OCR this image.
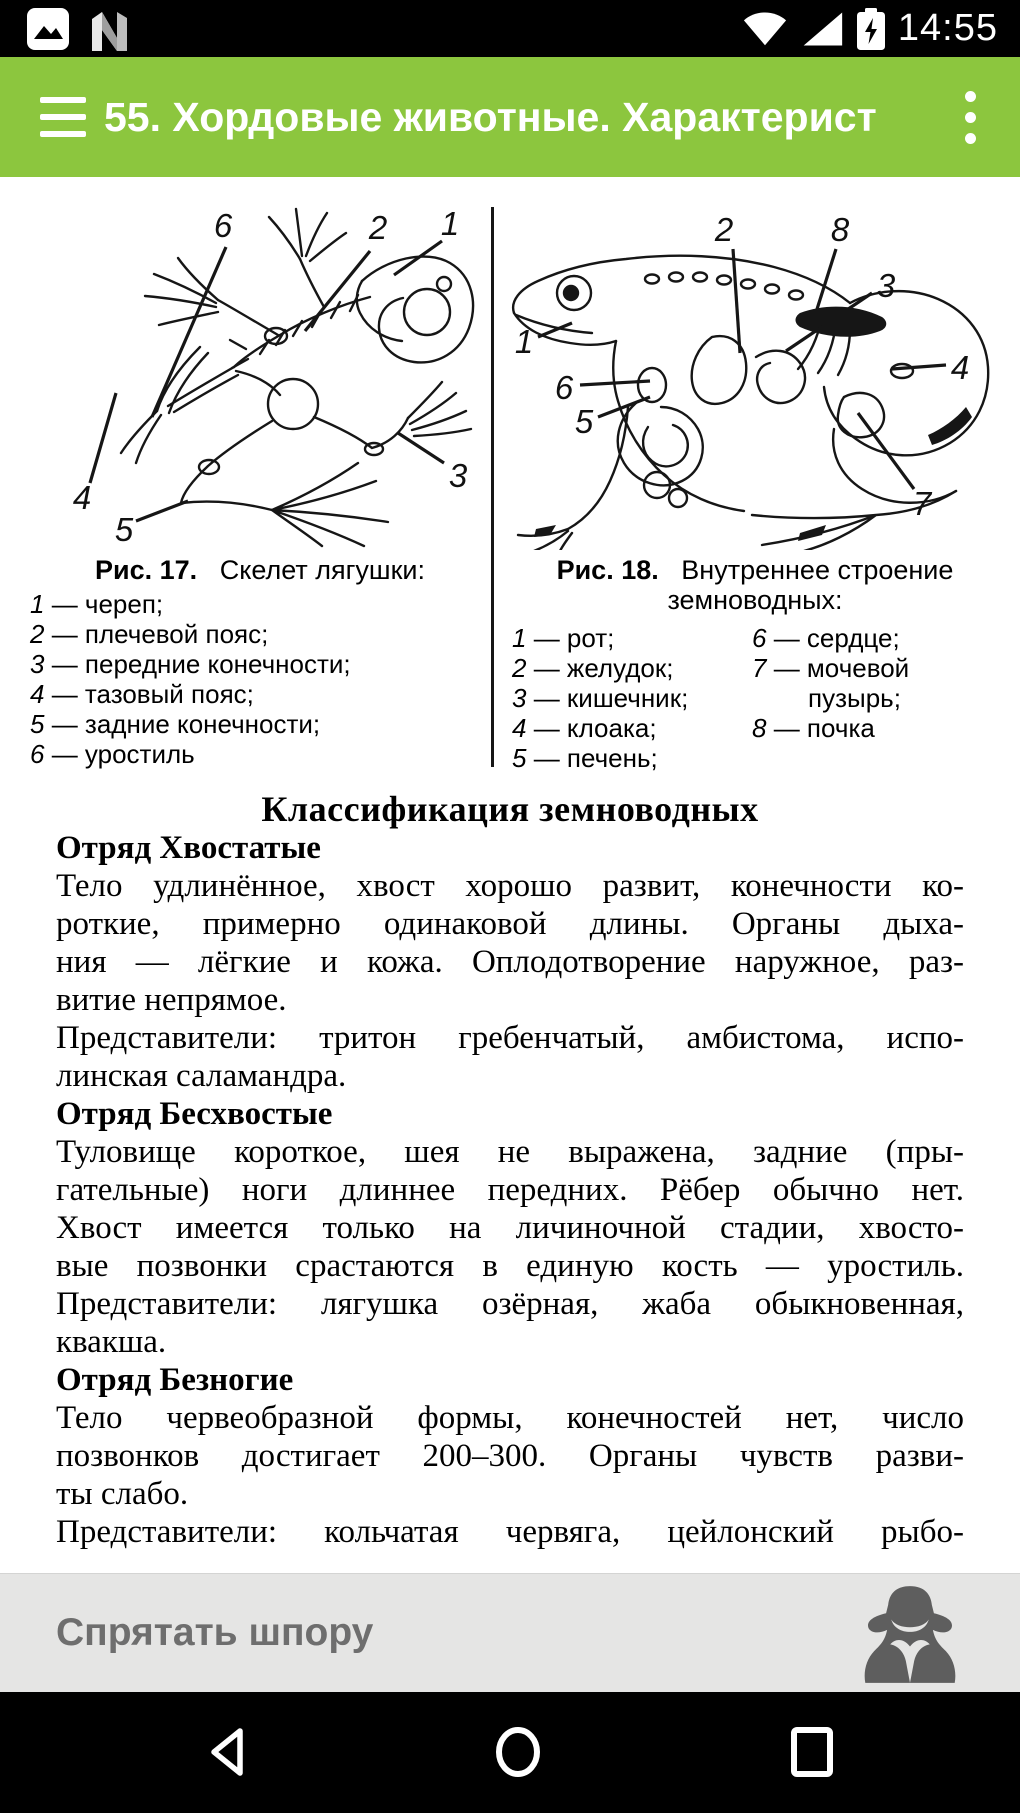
14:55
55. Хордовые животные. Характерист
6	2 1
3
4
5
1
6
5
2	8
3
4
7
Рис. 17. Скелет лягушки:
1 — череп;
2 — плечевой пояс;
3 — передние конечности;
4 — тазовый пояс;
5 — задние конечности;
6 — уростиль
Рис. 18. Внутреннее строение
земноводных:
1 — рот;
2 — желудок;
3 — кишечник;
4 — клоака;
5 — печень;
6 — сердце;
7 — мочевой пузырь;
8 — почка
Классификация земноводных
Отряд Хвостатые
Тело удлинённое, хвост хорошо развит, конечности ко-
роткие, примерно одинаковой длины. Органы дыха-
ния — лёгкие и кожа. Оплодотворение наружное, раз-
витие непрямое.
Представители: тритон гребенчатый, амбистома, испо-
линская саламандра.
Отряд Бесхвостые
Туловище короткое, шея не выражена, задние (пры-
гательные) ноги длиннее передних. Рёбер обычно нет.
Хвост имеется только на личиночной стадии, хвосто-
вые позвонки срастаются в единую кость — уростиль.
Представители: лягушка озёрная, жаба обыкновенная,
квакша.
Отряд Безногие
Тело червеобразной формы, конечностей нет, число
позвонков достигает 200–300. Органы чувств разви-
ты слабо.
Представители: кольчатая червяга, цейлонский рыбо-
Спрятать шпору
